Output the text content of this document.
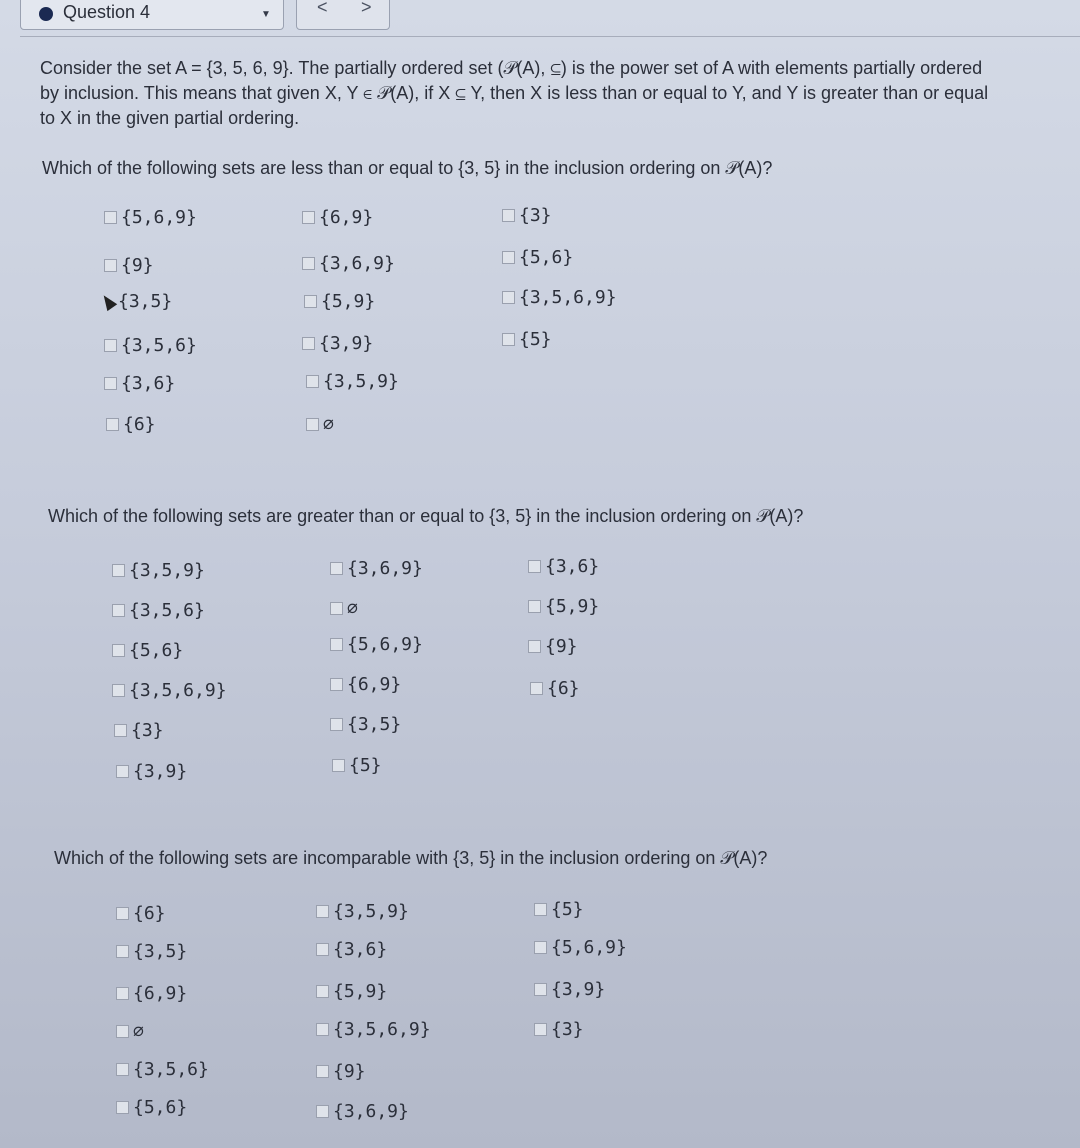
Question 4	▼	< >
Consider the set A = {3, 5, 6, 9}. The partially ordered set (𝒫(A), ⊆) is the power set of A with elements partially ordered by inclusion. This means that given X, Y ∈ 𝒫(A), if X ⊆ Y, then X is less than or equal to Y, and Y is greater than or equal to X in the given partial ordering.
Which of the following sets are less than or equal to {3, 5} in the inclusion ordering on 𝒫(A)?
{5,6,9}	{6,9}	{3}
{9}	{3,6,9}	{5,6}
{3,5}	{5,9}	{3,5,6,9}
{3,5,6}	{3,9}	{5}
{3,6}	{3,5,9}
{6}	∅
Which of the following sets are greater than or equal to {3, 5} in the inclusion ordering on 𝒫(A)?
{3,5,9}	{3,6,9}	{3,6}
{3,5,6}	∅	{5,9}
{5,6}	{5,6,9}	{9}
{3,5,6,9}	{6,9}	{6}
{3}	{3,5}
{3,9}	{5}
Which of the following sets are incomparable with {3, 5} in the inclusion ordering on 𝒫(A)?
{6}	{3,5,9}	{5}
{3,5}	{3,6}	{5,6,9}
{6,9}	{5,9}	{3,9}
∅	{3,5,6,9}	{3}
{3,5,6}	{9}
{5,6}	{3,6,9}
